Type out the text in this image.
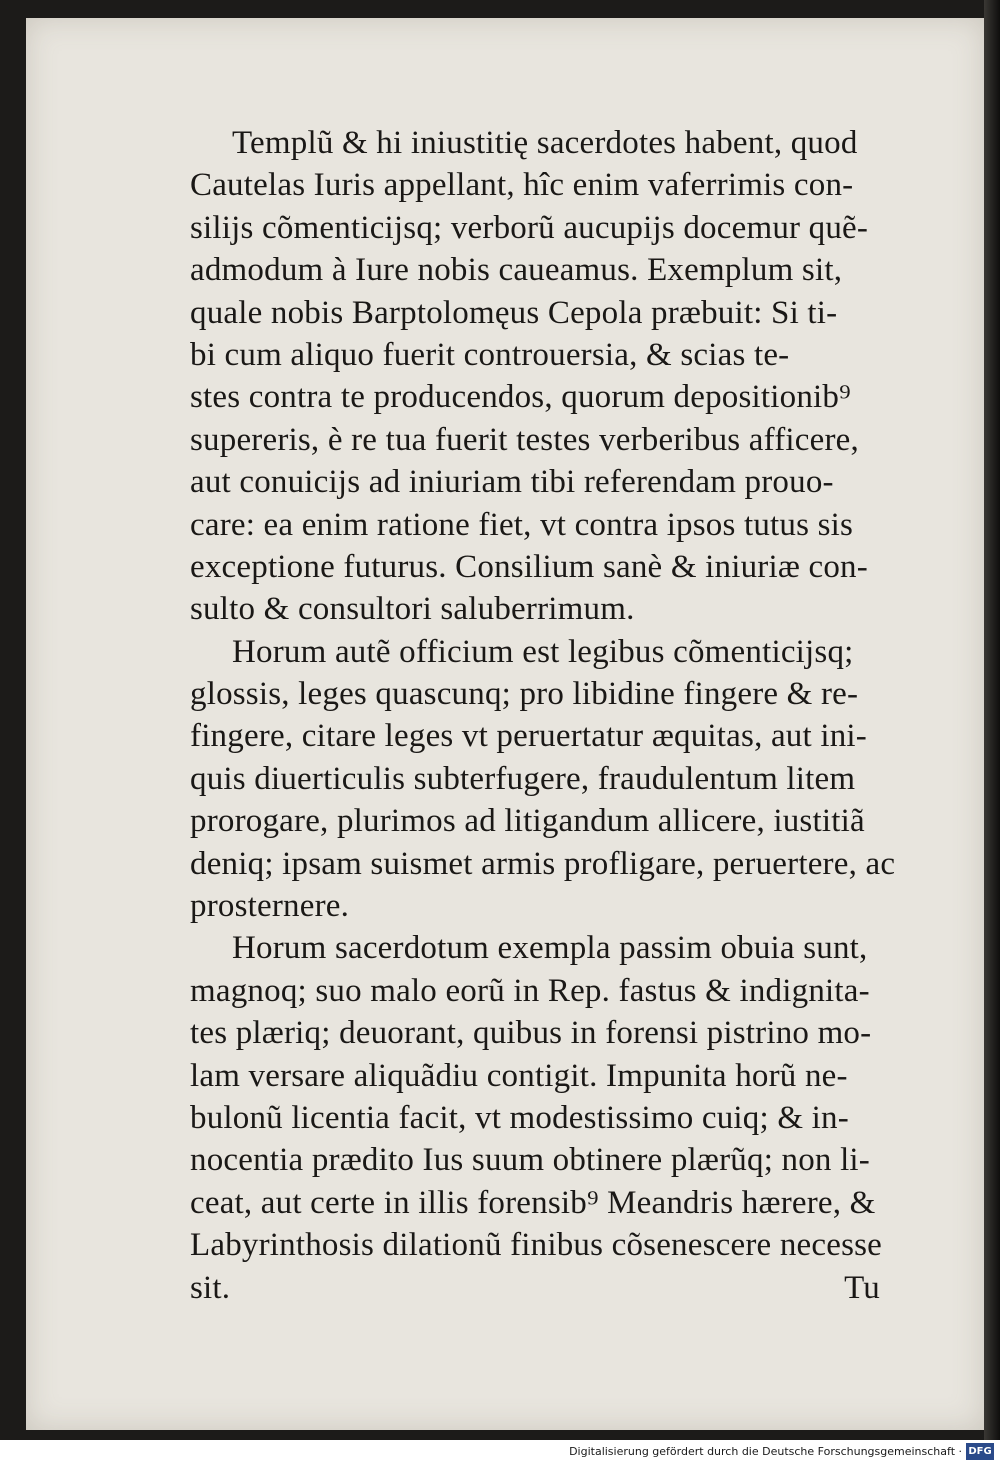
Templũ & hi iniustitię sacerdotes habent, quod
Cautelas Iuris appellant, hîc enim vaferrimis con-
silijs cõmenticijsq; verborũ aucupijs docemur quẽ-
admodum à Iure nobis caueamus. Exemplum sit,
quale nobis Barptolomęus Cepola præbuit: Si ti-
bi cum aliquo fuerit controuersia, & scias te-
stes contra te producendos, quorum depositionib⁹
supereris, è re tua fuerit testes verberibus afficere,
aut conuicijs ad iniuriam tibi referendam prouo-
care: ea enim ratione fiet, vt contra ipsos tutus sis
exceptione futurus. Consilium sanè & iniuriæ con-
sulto & consultori saluberrimum.
Horum autẽ officium est legibus cõmenticijsq;
glossis, leges quascunq; pro libidine fingere & re-
fingere, citare leges vt peruertatur æquitas, aut ini-
quis diuerticulis subterfugere, fraudulentum litem
prorogare, plurimos ad litigandum allicere, iustitiã
deniq; ipsam suismet armis profligare, peruertere, ac
prosternere.
Horum sacerdotum exempla passim obuia sunt,
magnoq; suo malo eorũ in Rep. fastus & indignita-
tes plæriq; deuorant, quibus in forensi pistrino mo-
lam versare aliquãdiu contigit. Impunita horũ ne-
bulonũ licentia facit, vt modestissimo cuiq; & in-
nocentia prædito Ius suum obtinere plærũq; non li-
ceat, aut certe in illis forensib⁹ Meandris hærere, &
Labyrinthosis dilationũ finibus cõsenescere necesse
sit.	Tu
Digitalisierung gefördert durch die Deutsche Forschungsgemeinschaft · DFG
